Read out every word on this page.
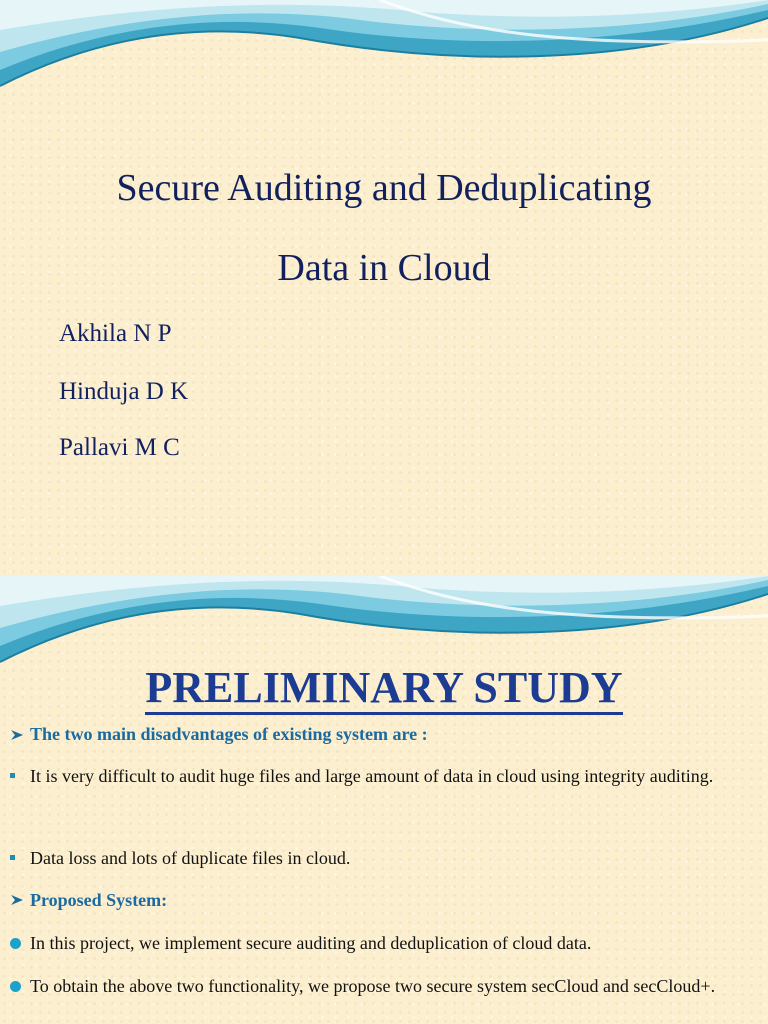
Secure Auditing and Deduplicating
Data in Cloud
Akhila N P
Hinduja D K
Pallavi M C
PRELIMINARY STUDY
The two main disadvantages of existing system are :
It is very difficult to audit huge files and large amount of data in cloud using integrity auditing.
Data loss and lots of duplicate files in cloud.
Proposed System:
In this project, we implement secure auditing and deduplication of cloud data.
To obtain the above two functionality, we propose two secure system secCloud and secCloud+.
